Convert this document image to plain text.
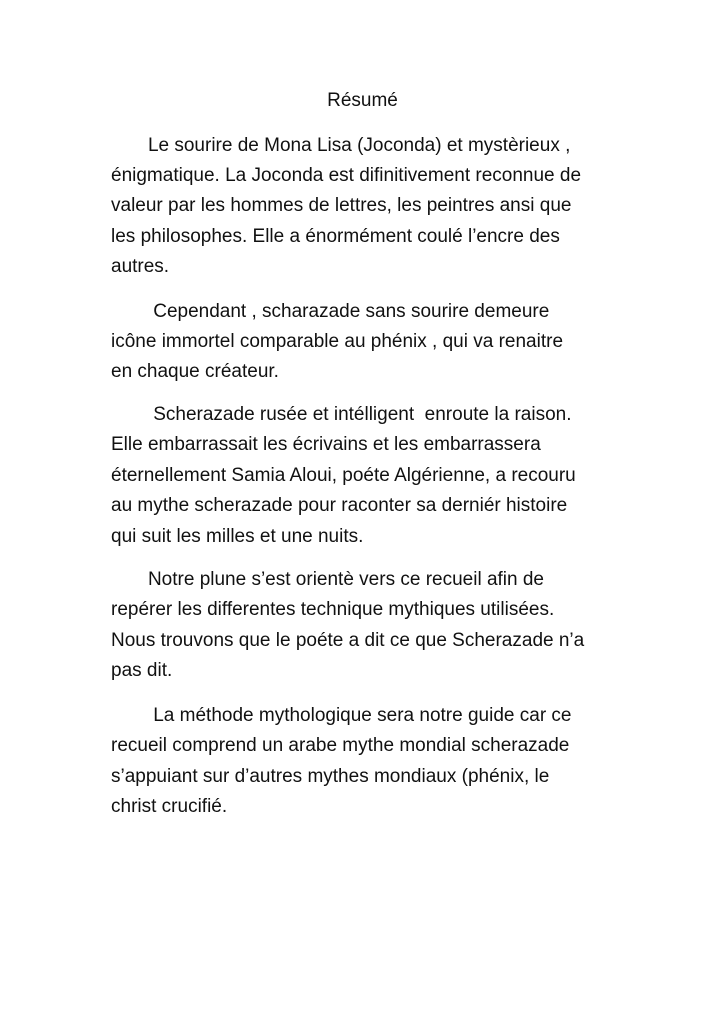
Résumé

Le sourire de Mona Lisa (Joconda) et mystèrieux ,

énigmatique. La Joconda est difinitivement reconnue de

valeur par les hommes de lettres, les peintres ansi que

les philosophes. Elle a énormément coulé l’encre des

autres.

Cependant , scharazade sans sourire demeure

icône immortel comparable au phénix , qui va renaitre

en chaque créateur.

Scherazade rusée et intélligent  enroute la raison.

Elle embarrassait les écrivains et les embarrassera

éternellement Samia Aloui, poéte Algérienne, a recouru

au mythe scherazade pour raconter sa derniér histoire

qui suit les milles et une nuits.

Notre plune s’est orientè vers ce recueil afin de

repérer les differentes technique mythiques utilisées.

Nous trouvons que le poéte a dit ce que Scherazade n’a

pas dit.

La méthode mythologique sera notre guide car ce

recueil comprend un arabe mythe mondial scherazade

s’appuiant sur d’autres mythes mondiaux (phénix, le

christ crucifié.
